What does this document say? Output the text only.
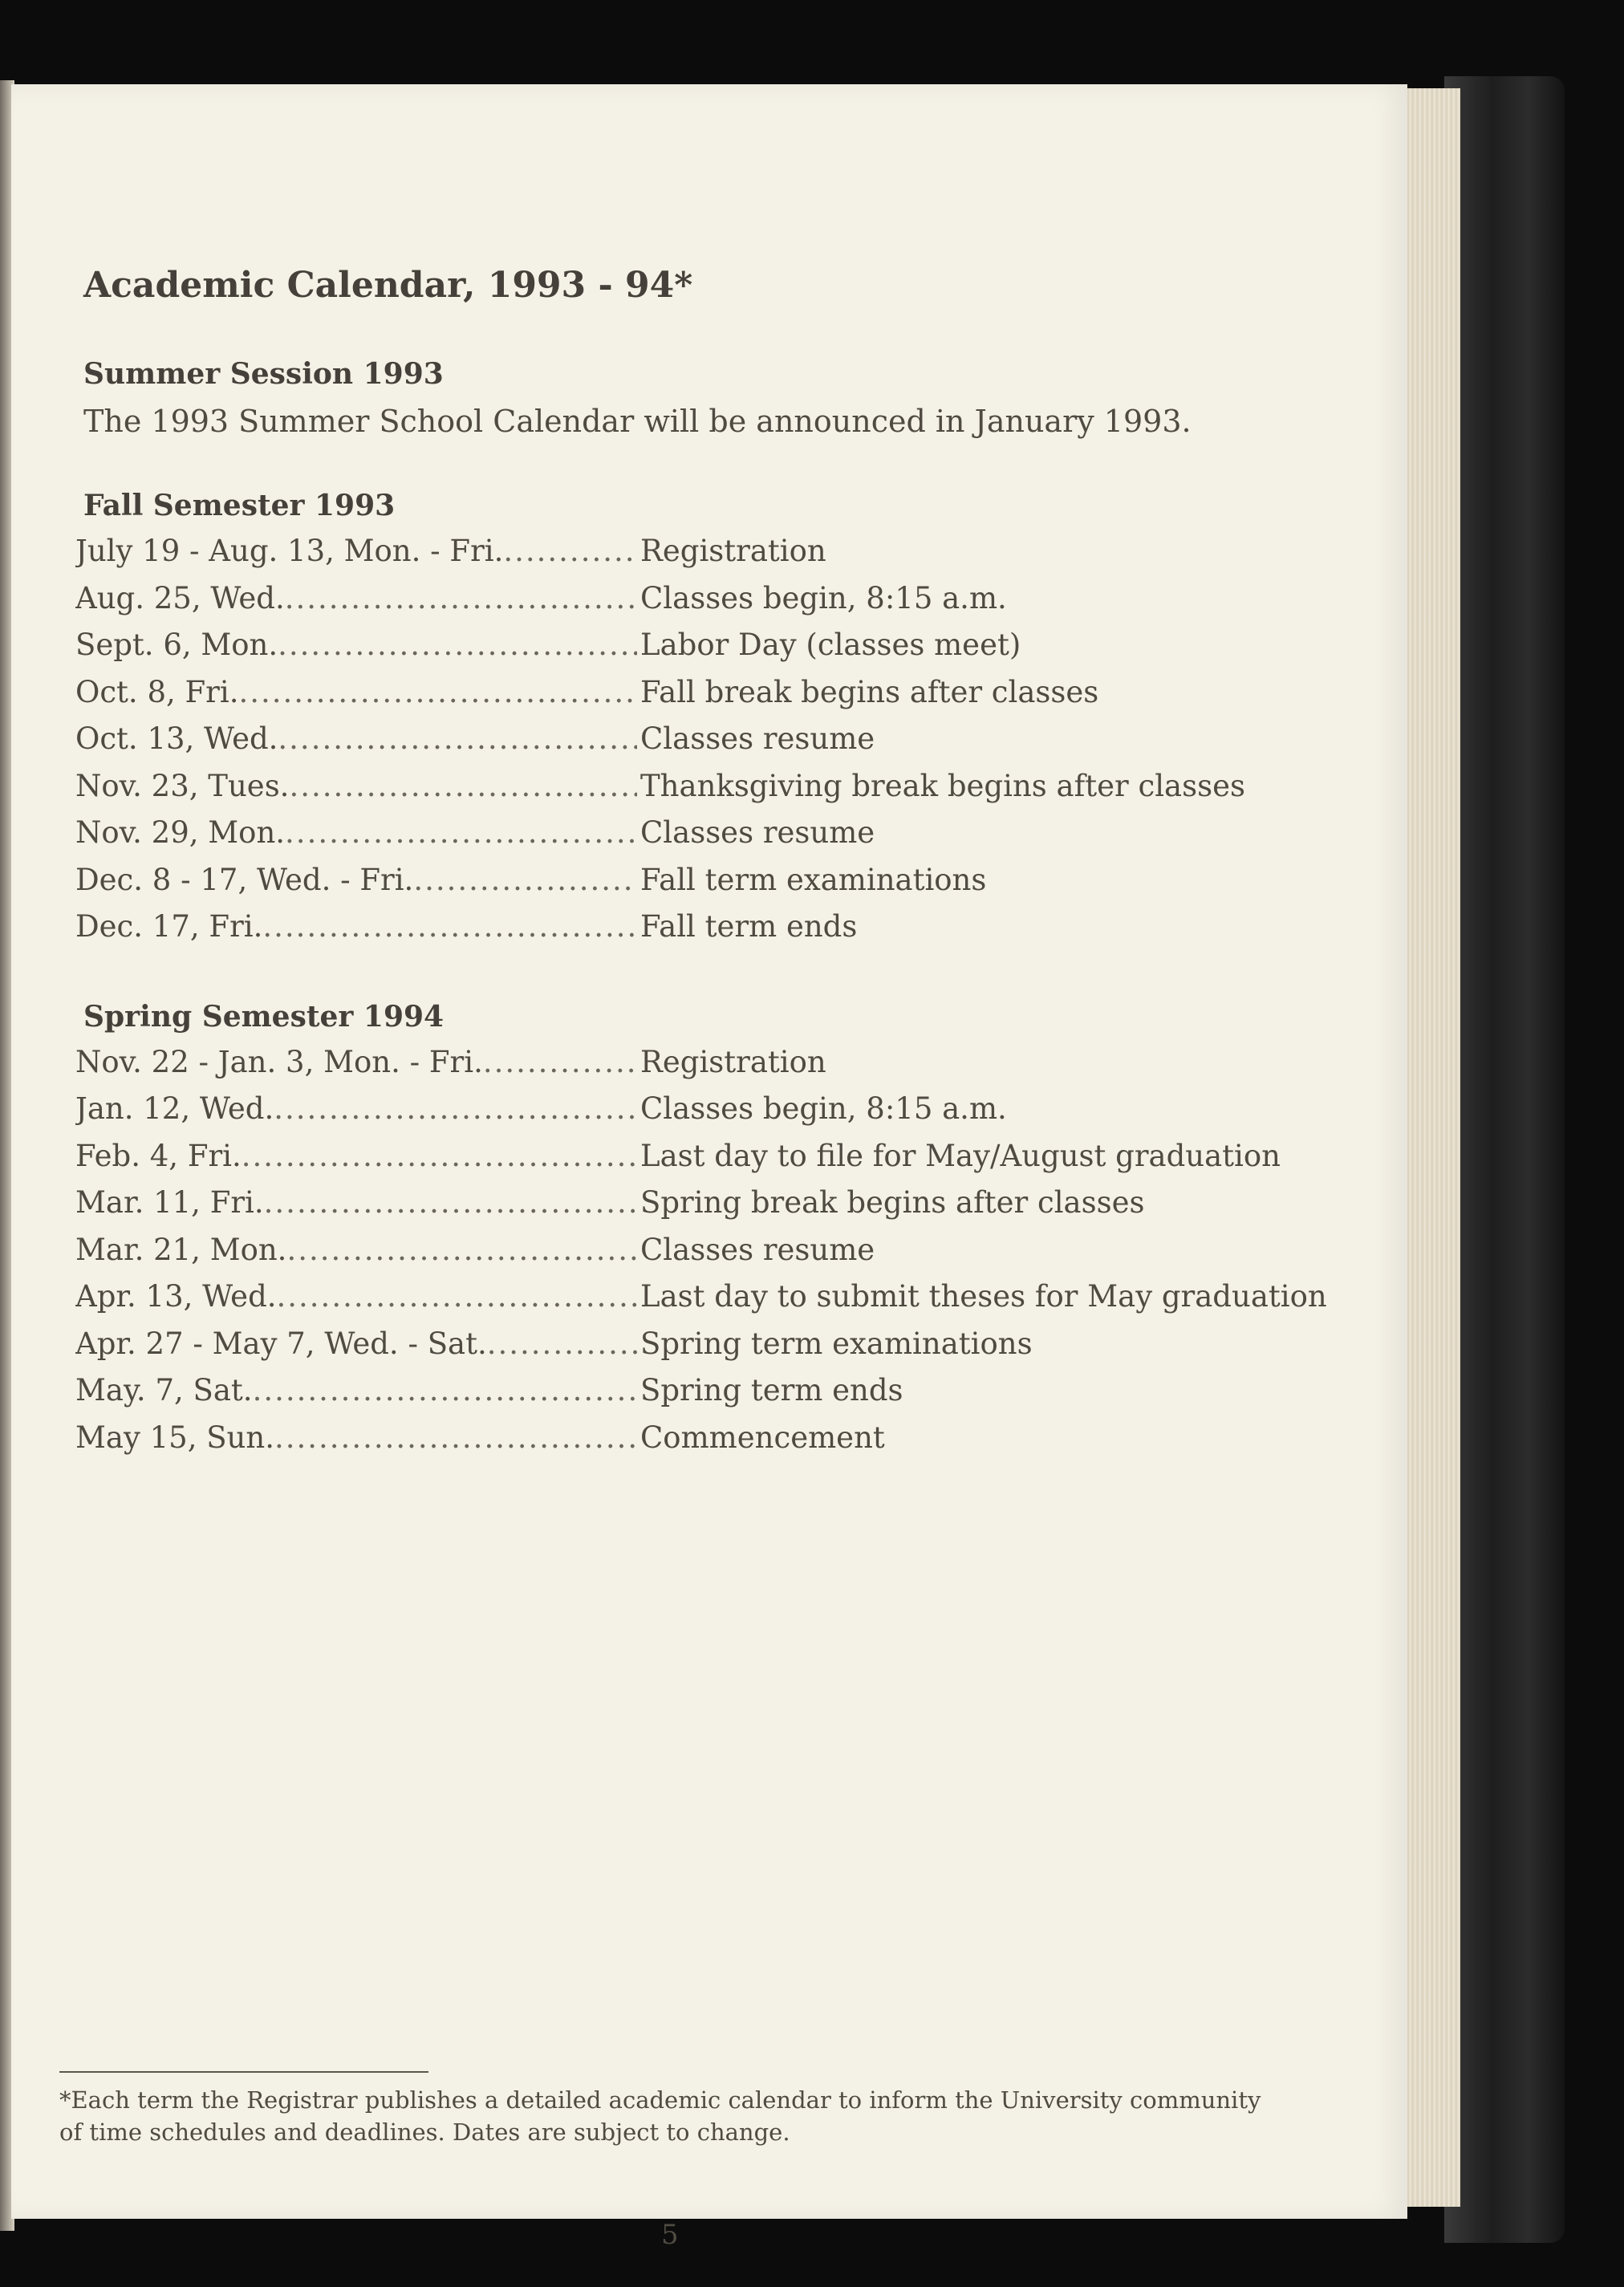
Academic Calendar, 1993 - 94*
Summer Session 1993

The 1993 Summer School Calendar will be announced in January 1993.

Fall Semester 1993
July 19 - Aug. 13, Mon. - Fri. .....	Registration
Aug. 25, Wed. .....	Classes begin, 8:15 a.m.
Sept. 6, Mon. .....	Labor Day (classes meet)
Oct. 8, Fri. .....	Fall break begins after classes
Oct. 13, Wed. .....	Classes resume
Nov. 23, Tues. .....	Thanksgiving break begins after classes
Nov. 29, Mon. .....	Classes resume
Dec. 8 - 17, Wed. - Fri. .....	Fall term examinations
Dec. 17, Fri. .....	Fall term ends
Spring Semester 1994
Nov. 22 - Jan. 3, Mon. - Fri. .....	Registration
Jan. 12, Wed. .....	Classes begin, 8:15 a.m.
Feb. 4, Fri. .....	Last day to file for May/August graduation
Mar. 11, Fri. .....	Spring break begins after classes
Mar. 21, Mon. .....	Classes resume
Apr. 13, Wed. .....	Last day to submit theses for May graduation
Apr. 27 - May 7, Wed. - Sat. .....	Spring term examinations
May. 7, Sat. .....	Spring term ends
May 15, Sun. .....	Commencement
*Each term the Registrar publishes a detailed academic calendar to inform the University community of time schedules and deadlines. Dates are subject to change.
5
